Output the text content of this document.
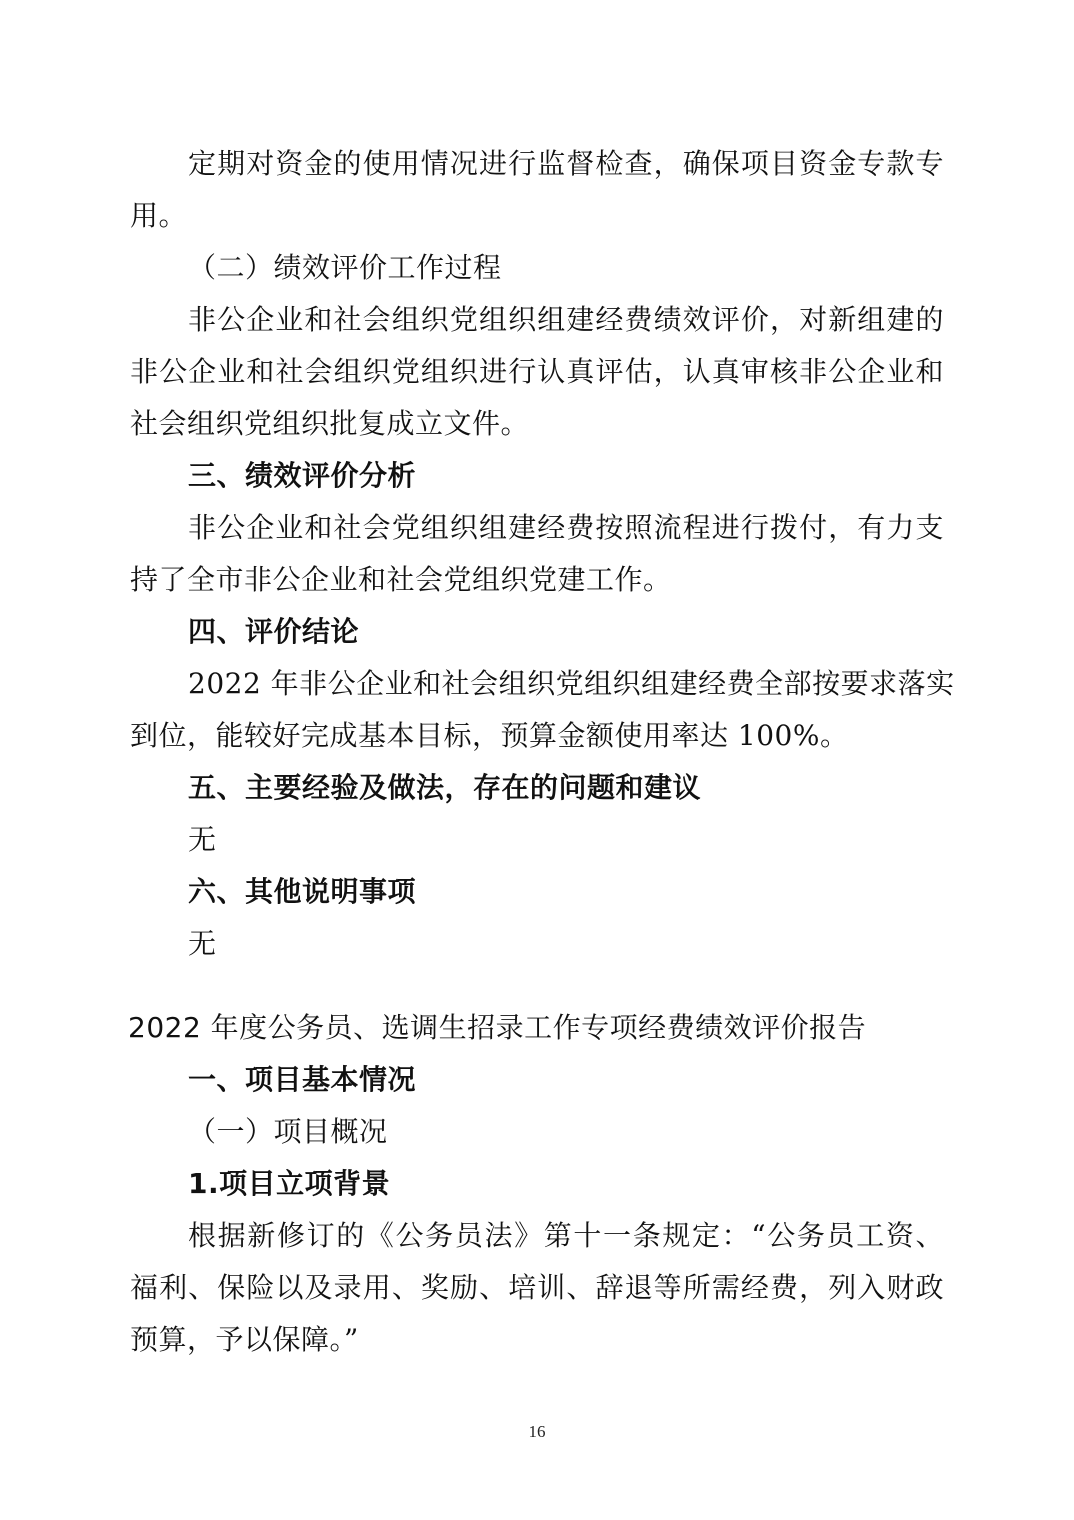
定期对资金的使用情况进行监督检查，确保项目资金专款专
用。
（二）绩效评价工作过程
非公企业和社会组织党组织组建经费绩效评价，对新组建的
非公企业和社会组织党组织进行认真评估，认真审核非公企业和
社会组织党组织批复成立文件。
三、绩效评价分析
非公企业和社会党组织组建经费按照流程进行拨付，有力支
持了全市非公企业和社会党组织党建工作。
四、评价结论
2022 年非公企业和社会组织党组织组建经费全部按要求落实
到位，能较好完成基本目标，预算金额使用率达 100%。
五、主要经验及做法，存在的问题和建议
无
六、其他说明事项
无
2022 年度公务员、选调生招录工作专项经费绩效评价报告
一、项目基本情况
（一）项目概况
1.项目立项背景
根据新修订的《公务员法》第十一条规定：“公务员工资、
福利、保险以及录用、奖励、培训、辞退等所需经费，列入财政
预算，予以保障。”
16
